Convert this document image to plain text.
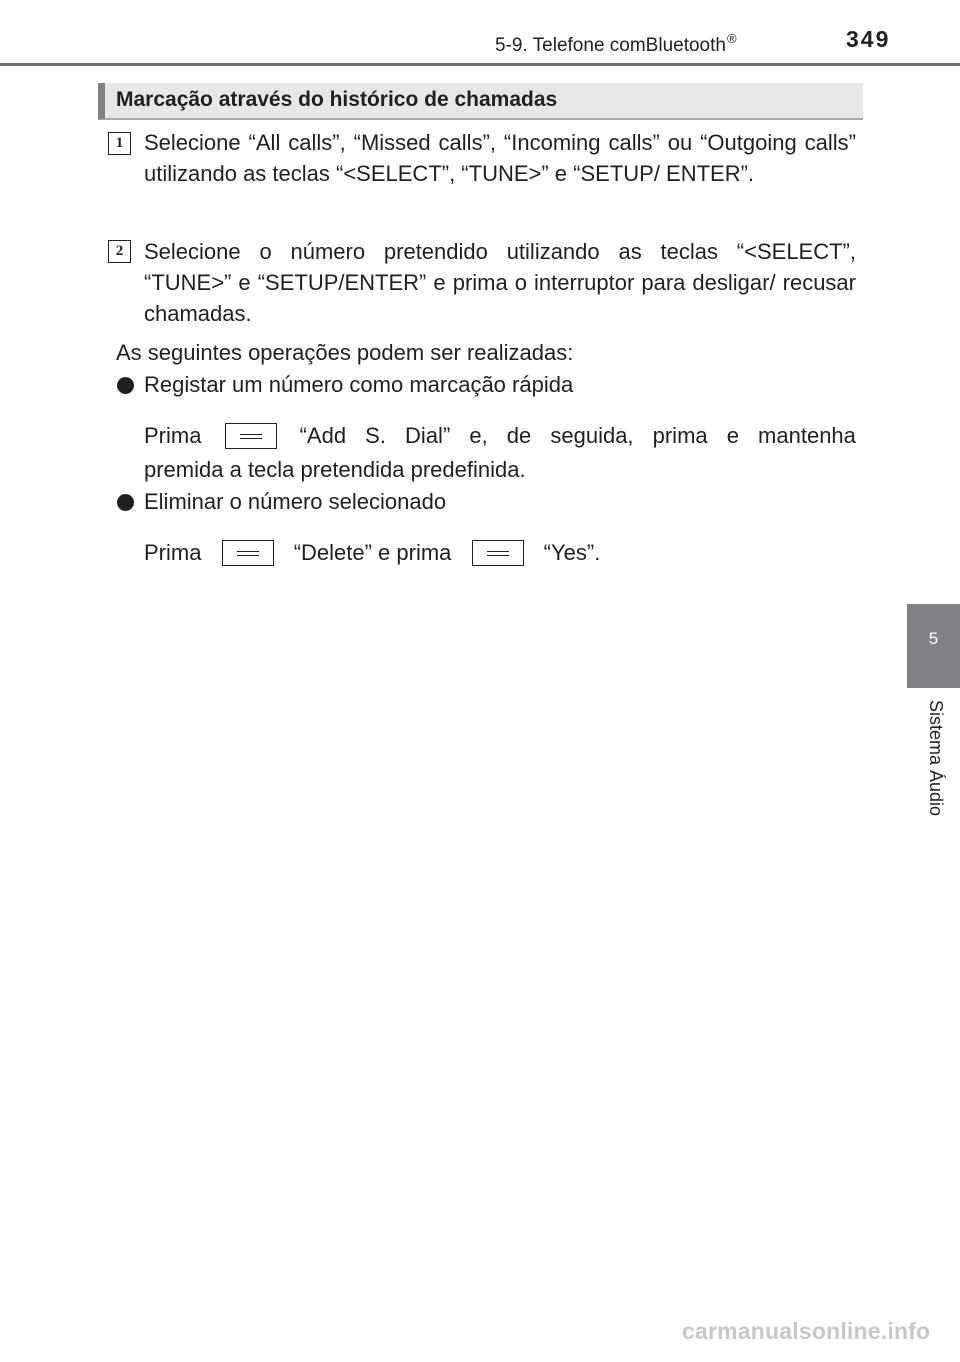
5-9. Telefone comBluetooth®	349
5
Sistema Áudio
Marcação através do histórico de chamadas
1 Selecione “All calls”, “Missed calls”, “Incoming calls” ou “Outgoing calls” utilizando as teclas “<SELECT”, “TUNE>” e “SETUP/ ENTER”.
2 Selecione o número pretendido utilizando as teclas “<SELECT”, “TUNE>” e “SETUP/ENTER” e prima o interruptor para desligar/ recusar chamadas.
As seguintes operações podem ser realizadas:
Registar um número como marcação rápida
Prima	“Add S. Dial” e, de seguida, prima e mantenha
premida a tecla pretendida predefinida.
Eliminar o número selecionado
Prima	“Delete” e prima	“Yes”.
carmanualsonline.info
